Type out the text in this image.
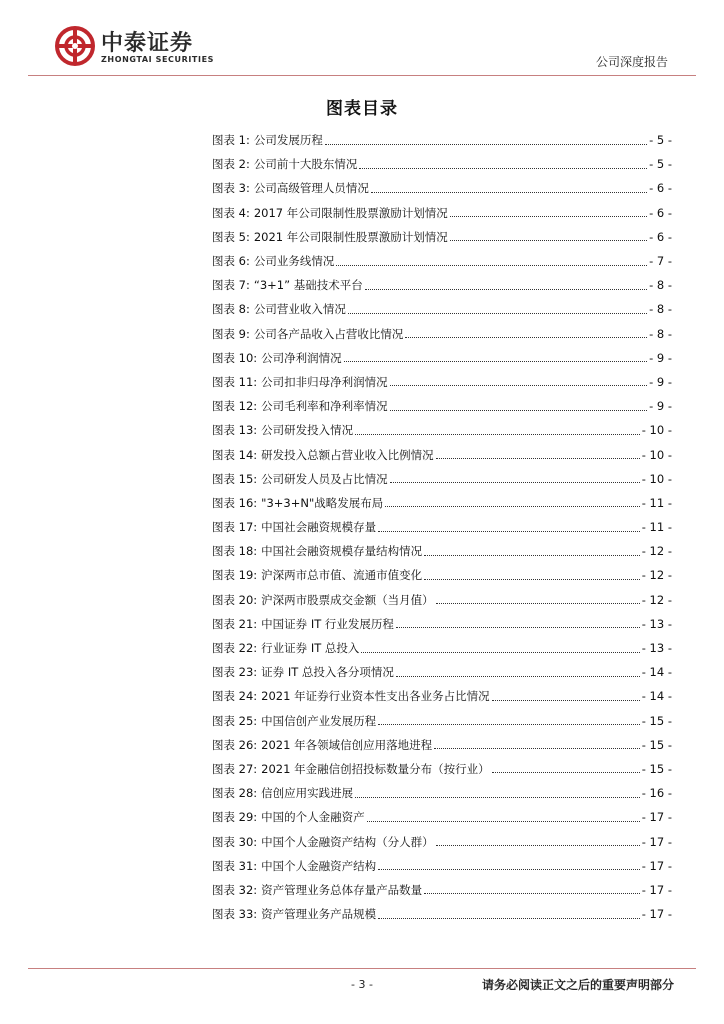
中泰证券
ZHONGTAI SECURITIES	公司深度报告
图表目录
图表 1: 公司发展历程	- 5 -
图表 2: 公司前十大股东情况	- 5 -
图表 3: 公司高级管理人员情况	- 6 -
图表 4: 2017 年公司限制性股票激励计划情况	- 6 -
图表 5: 2021 年公司限制性股票激励计划情况	- 6 -
图表 6: 公司业务线情况	- 7 -
图表 7: “3+1” 基础技术平台	- 8 -
图表 8: 公司营业收入情况	- 8 -
图表 9: 公司各产品收入占营收比情况	- 8 -
图表 10: 公司净利润情况	- 9 -
图表 11: 公司扣非归母净利润情况	- 9 -
图表 12: 公司毛利率和净利率情况	- 9 -
图表 13: 公司研发投入情况	- 10 -
图表 14: 研发投入总额占营业收入比例情况	- 10 -
图表 15: 公司研发人员及占比情况	- 10 -
图表 16: "3+3+N"战略发展布局	- 11 -
图表 17: 中国社会融资规模存量	- 11 -
图表 18: 中国社会融资规模存量结构情况	- 12 -
图表 19: 沪深两市总市值、流通市值变化	- 12 -
图表 20: 沪深两市股票成交金额（当月值）	- 12 -
图表 21: 中国证券 IT 行业发展历程	- 13 -
图表 22: 行业证券 IT 总投入	- 13 -
图表 23: 证券 IT 总投入各分项情况	- 14 -
图表 24: 2021 年证券行业资本性支出各业务占比情况	- 14 -
图表 25: 中国信创产业发展历程	- 15 -
图表 26: 2021 年各领域信创应用落地进程	- 15 -
图表 27: 2021 年金融信创招投标数量分布（按行业）	- 15 -
图表 28: 信创应用实践进展	- 16 -
图表 29: 中国的个人金融资产	- 17 -
图表 30: 中国个人金融资产结构（分人群）	- 17 -
图表 31: 中国个人金融资产结构	- 17 -
图表 32: 资产管理业务总体存量产品数量	- 17 -
图表 33: 资产管理业务产品规模	- 17 -
- 3 -	请务必阅读正文之后的重要声明部分
